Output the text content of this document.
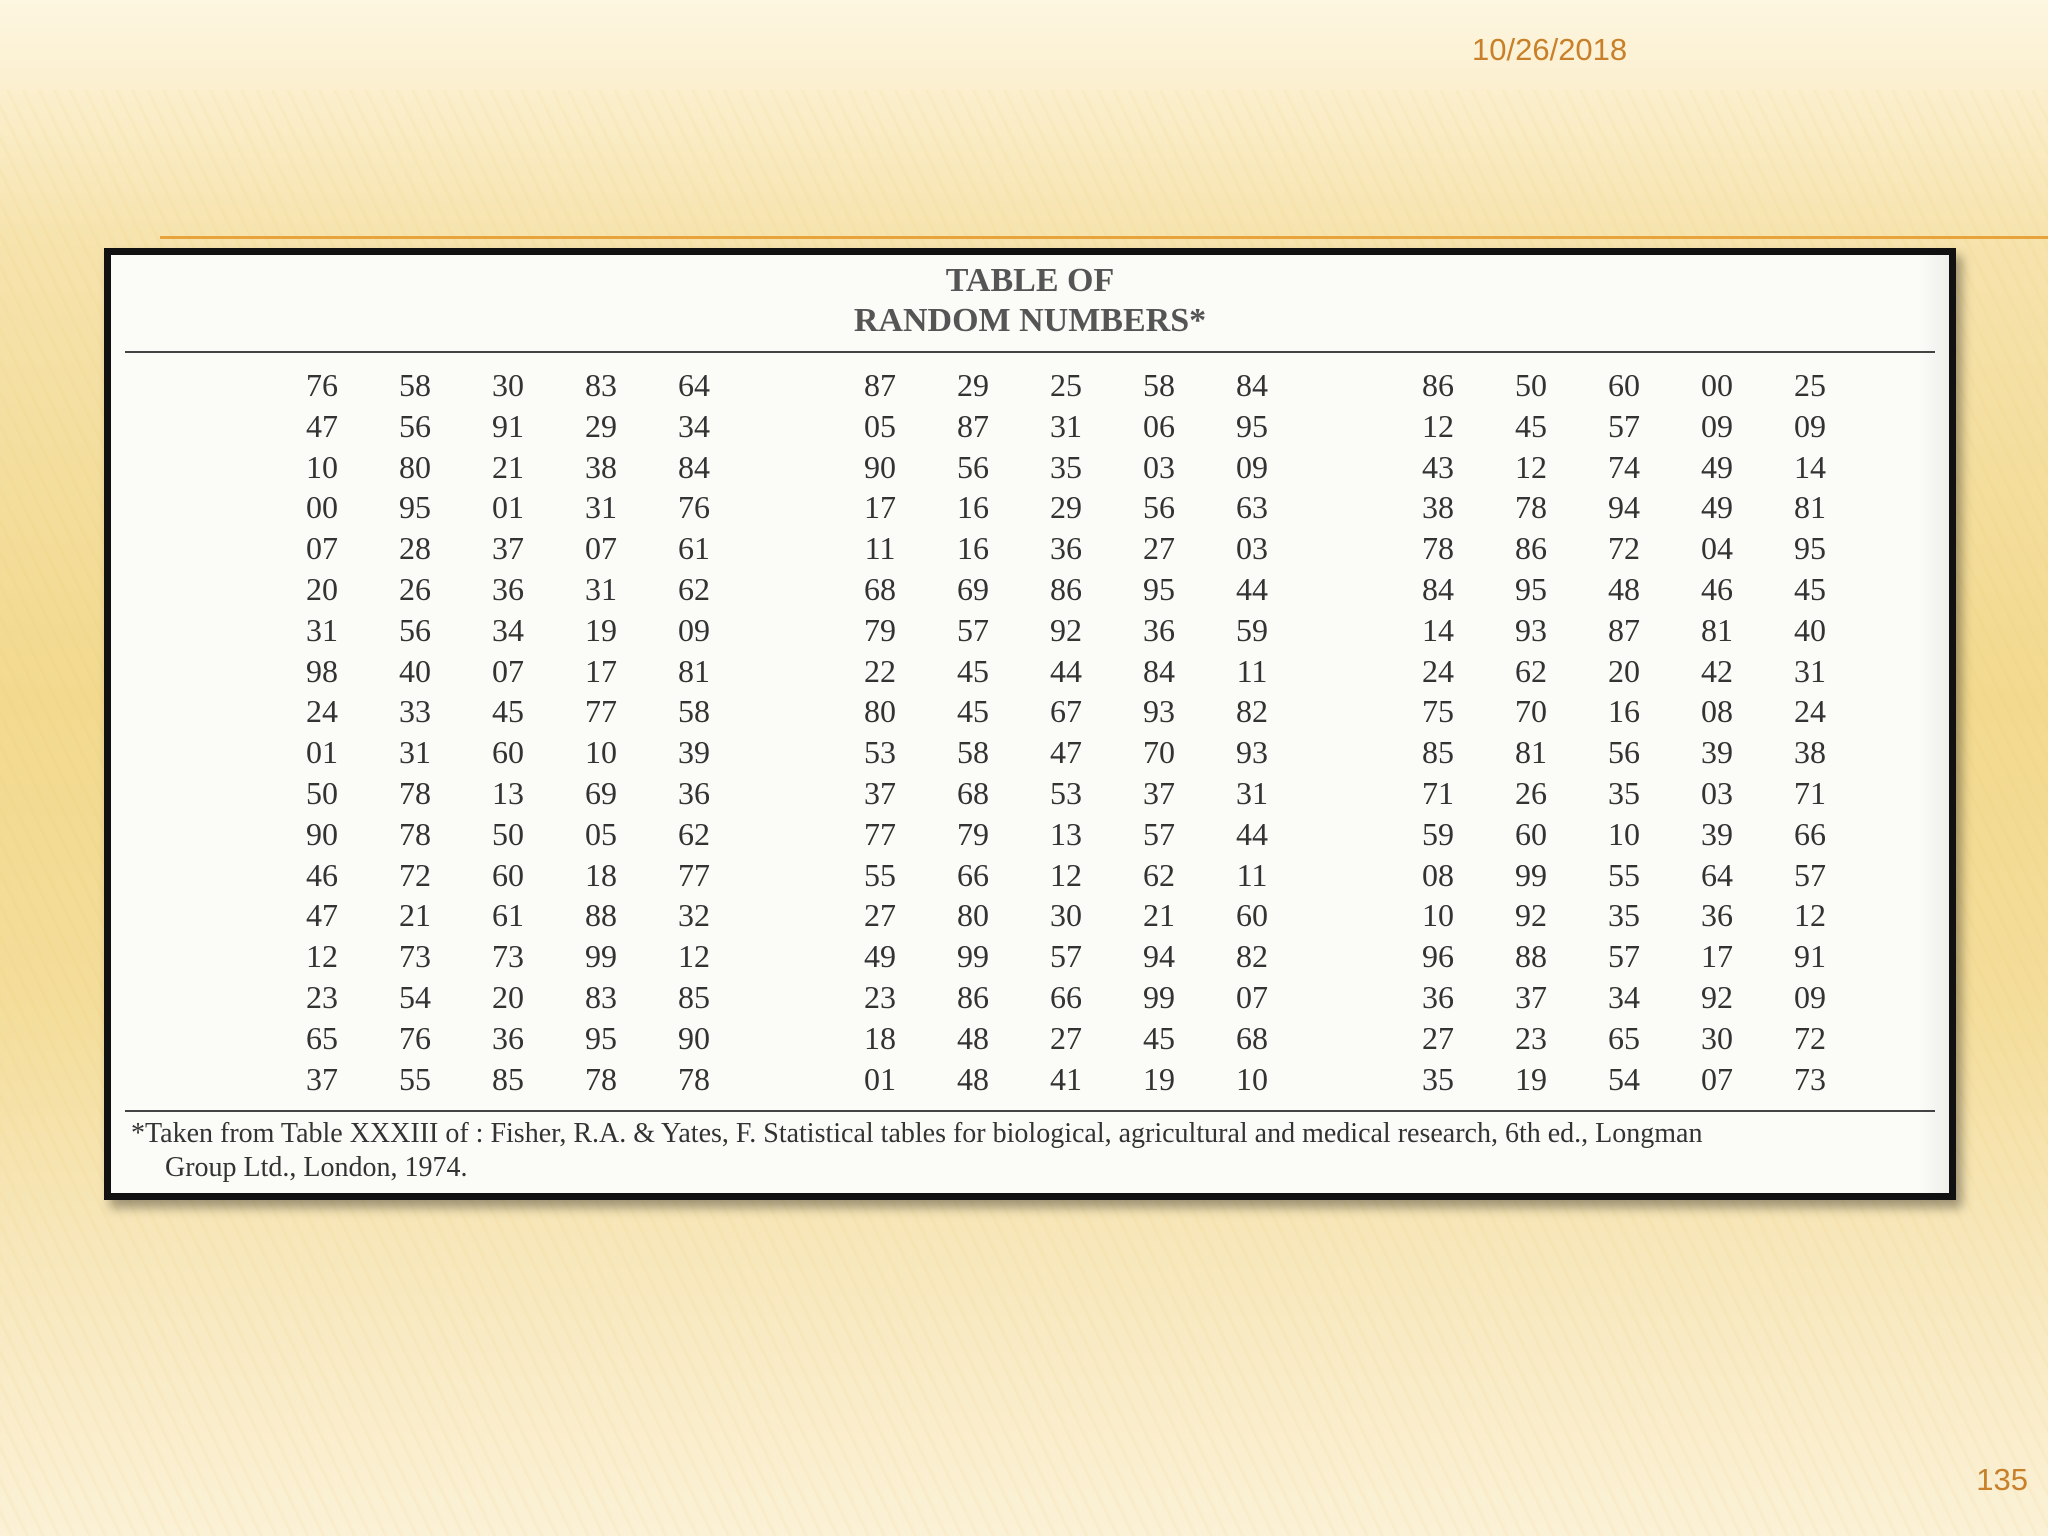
10/26/2018
TABLE OF
RANDOM NUMBERS*
76
47
10
00
07
20
31
98
24
01
50
90
46
47
12
23
65
37
58
56
80
95
28
26
56
40
33
31
78
78
72
21
73
54
76
55
30
91
21
01
37
36
34
07
45
60
13
50
60
61
73
20
36
85
83
29
38
31
07
31
19
17
77
10
69
05
18
88
99
83
95
78
64
34
84
76
61
62
09
81
58
39
36
62
77
32
12
85
90
78
87
05
90
17
11
68
79
22
80
53
37
77
55
27
49
23
18
01
29
87
56
16
16
69
57
45
45
58
68
79
66
80
99
86
48
48
25
31
35
29
36
86
92
44
67
47
53
13
12
30
57
66
27
41
58
06
03
56
27
95
36
84
93
70
37
57
62
21
94
99
45
19
84
95
09
63
03
44
59
11
82
93
31
44
11
60
82
07
68
10
86
12
43
38
78
84
14
24
75
85
71
59
08
10
96
36
27
35
50
45
12
78
86
95
93
62
70
81
26
60
99
92
88
37
23
19
60
57
74
94
72
48
87
20
16
56
35
10
55
35
57
34
65
54
00
09
49
49
04
46
81
42
08
39
03
39
64
36
17
92
30
07
25
09
14
81
95
45
40
31
24
38
71
66
57
12
91
09
72
73
*Taken from Table XXXIII of : Fisher, R.A. & Yates, F. Statistical tables for biological, agricultural and medical research, 6th ed., Longman
Group Ltd., London, 1974.
135
